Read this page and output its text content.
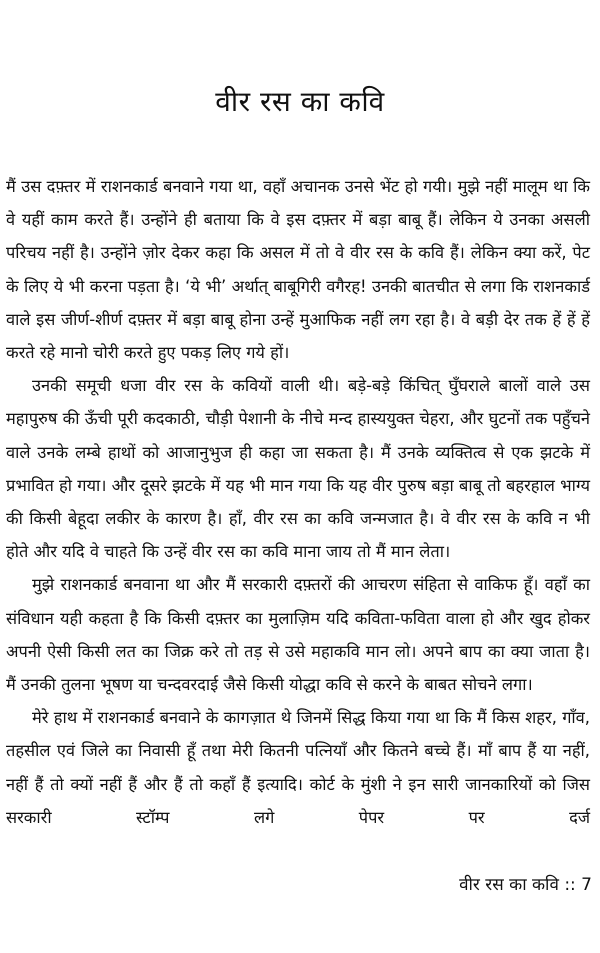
वीर रस का कवि

मैं उस दफ़्तर में राशनकार्ड बनवाने गया था, वहाँ अचानक उनसे भेंट हो गयी। मुझे नहीं मालूम था कि वे यहीं काम करते हैं। उन्होंने ही बताया कि वे इस दफ़्तर में बड़ा बाबू हैं। लेकिन ये उनका असली परिचय नहीं है। उन्होंने ज़ोर देकर कहा कि असल में तो वे वीर रस के कवि हैं। लेकिन क्या करें, पेट के लिए ये भी करना पड़ता है। ‘ये भी’ अर्थात् बाबूगिरी वगैरह! उनकी बातचीत से लगा कि राशनकार्ड वाले इस जीर्ण-शीर्ण दफ़्तर में बड़ा बाबू होना उन्हें मुआफिक नहीं लग रहा है। वे बड़ी देर तक हें हें हें करते रहे मानो चोरी करते हुए पकड़ लिए गये हों।

उनकी समूची धजा वीर रस के कवियों वाली थी। बड़े-बड़े किंचित् घुँघराले बालों वाले उस महापुरुष की ऊँची पूरी कदकाठी, चौड़ी पेशानी के नीचे मन्द हास्ययुक्त चेहरा, और घुटनों तक पहुँचने वाले उनके लम्बे हाथों को आजानुभुज ही कहा जा सकता है। मैं उनके व्यक्तित्व से एक झटके में प्रभावित हो गया। और दूसरे झटके में यह भी मान गया कि यह वीर पुरुष बड़ा बाबू तो बहरहाल भाग्य की किसी बेहूदा लकीर के कारण है। हाँ, वीर रस का कवि जन्मजात है। वे वीर रस के कवि न भी होते और यदि वे चाहते कि उन्हें वीर रस का कवि माना जाय तो मैं मान लेता।

मुझे राशनकार्ड बनवाना था और मैं सरकारी दफ़्तरों की आचरण संहिता से वाकिफ हूँ। वहाँ का संविधान यही कहता है कि किसी दफ़्तर का मुलाज़िम यदि कविता-फविता वाला हो और खुद होकर अपनी ऐसी किसी लत का जिक्र करे तो तड़ से उसे महाकवि मान लो। अपने बाप का क्या जाता है। मैं उनकी तुलना भूषण या चन्दवरदाई जैसे किसी योद्धा कवि से करने के बाबत सोचने लगा।

मेरे हाथ में राशनकार्ड बनवाने के कागज़ात थे जिनमें सिद्ध किया गया था कि मैं किस शहर, गाँव, तहसील एवं जिले का निवासी हूँ तथा मेरी कितनी पत्नियाँ और कितने बच्चे हैं। माँ बाप हैं या नहीं, नहीं हैं तो क्यों नहीं हैं और हैं तो कहाँ हैं इत्यादि। कोर्ट के मुंशी ने इन सारी जानकारियों को जिस सरकारी स्टॉम्प लगे पेपर पर दर्ज

वीर रस का कवि :: 7
